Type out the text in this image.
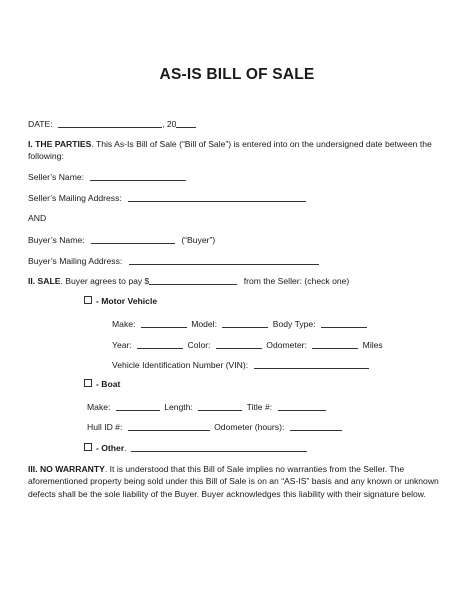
AS-IS BILL OF SALE
DATE:	, 20
I. THE PARTIES. This As-Is Bill of Sale (“Bill of Sale”) is entered into on the undersigned date between the following:
Seller’s Name:
Seller’s Mailing Address:
AND
Buyer’s Name:	(“Buyer”)
Buyer’s Mailing Address:
II. SALE. Buyer agrees to pay $	from the Seller: (check one)
- Motor Vehicle
Make:	Model:	Body Type:
Year:	Color:	Odometer:	Miles
Vehicle Identification Number (VIN):
- Boat
Make:	Length:	Title #:
Hull ID #:	Odometer (hours):
- Other.
III. NO WARRANTY. It is understood that this Bill of Sale implies no warranties from the Seller. The aforementioned property being sold under this Bill of Sale is on an “AS-IS” basis and any known or unknown defects shall be the sole liability of the Buyer. Buyer acknowledges this liability with their signature below.
